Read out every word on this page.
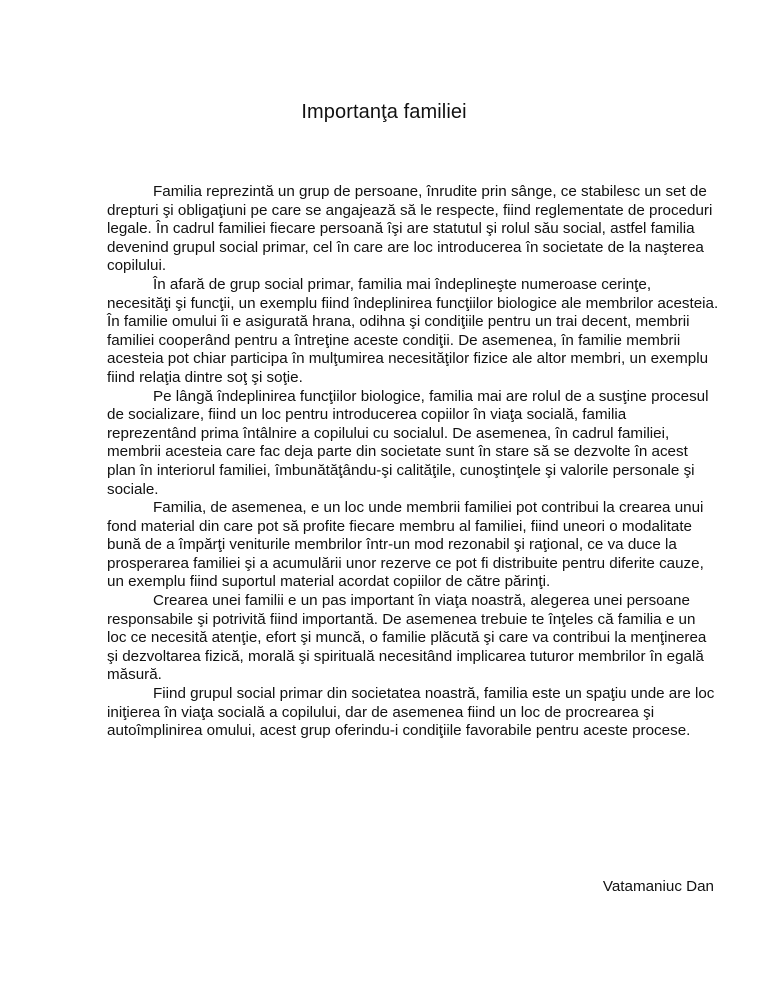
Importanţa familiei

Familia reprezintă un grup de persoane, înrudite prin sânge, ce stabilesc un set de drepturi şi obligaţiuni pe care se angajează să le respecte, fiind reglementate de proceduri legale. În cadrul familiei fiecare persoană îşi are statutul şi rolul său social, astfel familia devenind grupul social primar, cel în care are loc introducerea în societate de la naşterea copilului.

În afară de grup social primar, familia mai îndeplineşte numeroase cerinţe, necesităţi şi funcţii, un exemplu fiind îndeplinirea funcţiilor biologice ale membrilor acesteia. În familie omului îi e asigurată hrana, odihna şi condiţiile pentru un trai decent, membrii familiei cooperând pentru a întreţine aceste condiţii. De asemenea, în familie membrii acesteia pot chiar participa în mulţumirea necesităţilor fizice ale altor membri, un exemplu fiind relaţia dintre soţ şi soţie.

Pe lângă îndeplinirea funcţiilor biologice, familia mai are rolul de a susţine procesul de socializare, fiind un loc pentru introducerea copiilor în viaţa socială, familia reprezentând prima întâlnire a copilului cu socialul. De asemenea, în cadrul familiei, membrii acesteia care fac deja parte din societate sunt în stare să se dezvolte în acest plan în interiorul familiei, îmbunătăţându-şi calităţile, cunoştinţele şi valorile personale şi sociale.

Familia, de asemenea, e un loc unde membrii familiei pot contribui la crearea unui fond material din care pot să profite fiecare membru al familiei, fiind uneori o modalitate bună de a împărţi veniturile membrilor într-un mod rezonabil şi raţional, ce va duce la prosperarea familiei şi a acumulării unor rezerve ce pot fi distribuite pentru diferite cauze, un exemplu fiind suportul material acordat copiilor de către părinţi.

Crearea unei familii e un pas important în viaţa noastră, alegerea unei persoane responsabile şi potrivită fiind importantă. De asemenea trebuie te înţeles că familia e un loc ce necesită atenţie, efort şi muncă, o familie plăcută şi care va contribui la menţinerea şi dezvoltarea fizică, morală şi spirituală necesitând implicarea tuturor membrilor în egală măsură.

Fiind grupul social primar din societatea noastră, familia este un spaţiu unde are loc iniţierea în viaţa socială a copilului, dar de asemenea fiind un loc de procrearea şi autoîmplinirea omului, acest grup oferindu-i condiţiile favorabile pentru aceste procese.

Vatamaniuc Dan
